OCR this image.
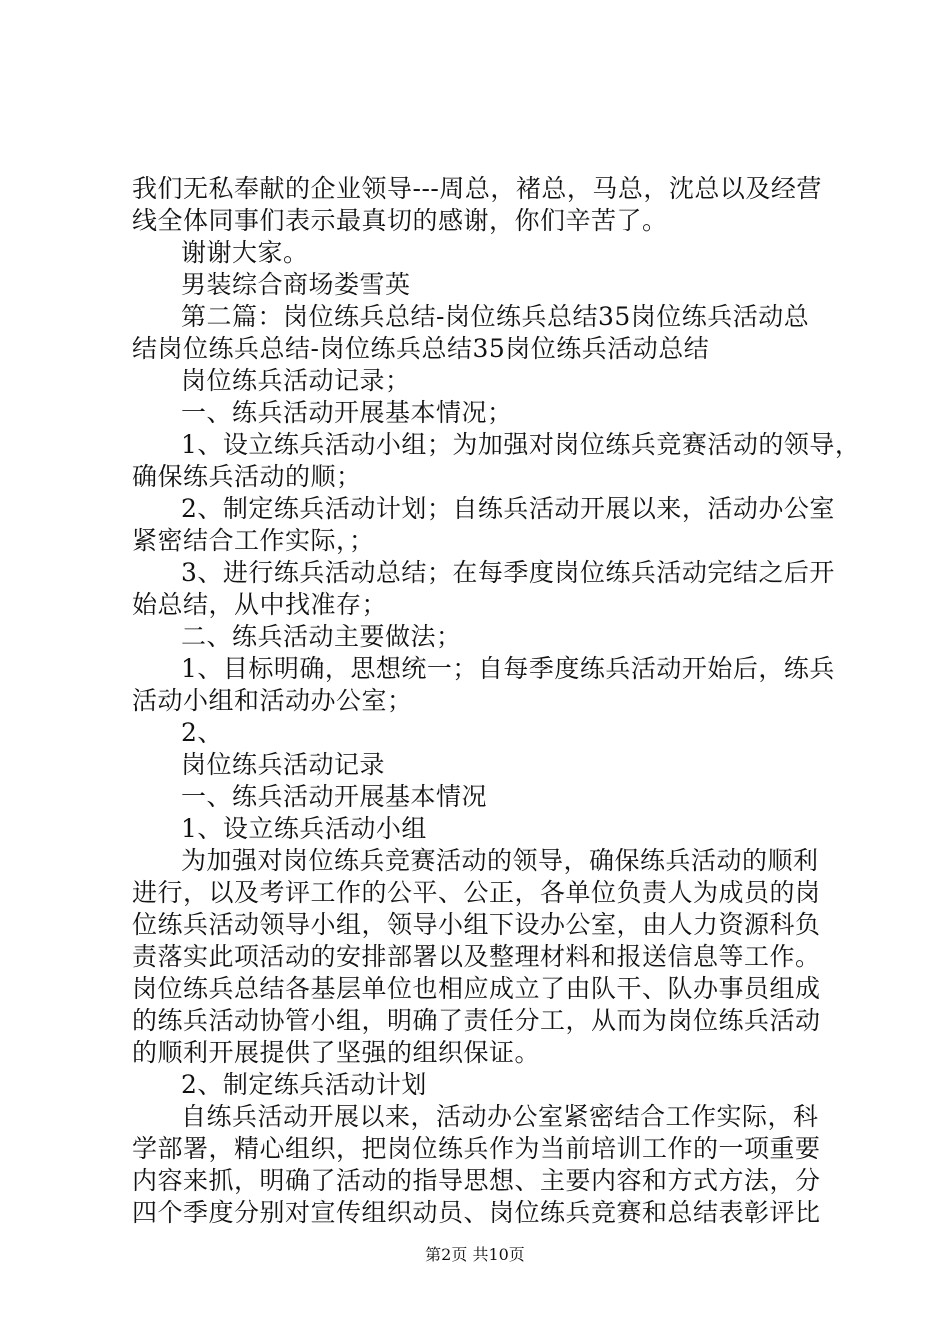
我们无私奉献的企业领导---周总，褚总，马总，沈总以及经营
线全体同事们表示最真切的感谢，你们辛苦了。
谢谢大家。
男装综合商场娄雪英
第二篇：岗位练兵总结-岗位练兵总结35岗位练兵活动总
结岗位练兵总结-岗位练兵总结35岗位练兵活动总结
岗位练兵活动记录；
一、练兵活动开展基本情况；
1、设立练兵活动小组；为加强对岗位练兵竞赛活动的领导，
确保练兵活动的顺；
2、制定练兵活动计划；自练兵活动开展以来，活动办公室
紧密结合工作实际，；
3、进行练兵活动总结；在每季度岗位练兵活动完结之后开
始总结，从中找准存；
二、练兵活动主要做法；
1、目标明确，思想统一；自每季度练兵活动开始后，练兵
活动小组和活动办公室；
2、
岗位练兵活动记录
一、练兵活动开展基本情况
1、设立练兵活动小组
为加强对岗位练兵竞赛活动的领导，确保练兵活动的顺利
进行，以及考评工作的公平、公正，各单位负责人为成员的岗
位练兵活动领导小组，领导小组下设办公室，由人力资源科负
责落实此项活动的安排部署以及整理材料和报送信息等工作。
岗位练兵总结各基层单位也相应成立了由队干、队办事员组成
的练兵活动协管小组，明确了责任分工，从而为岗位练兵活动
的顺利开展提供了坚强的组织保证。
2、制定练兵活动计划
自练兵活动开展以来，活动办公室紧密结合工作实际，科
学部署，精心组织，把岗位练兵作为当前培训工作的一项重要
内容来抓，明确了活动的指导思想、主要内容和方式方法，分
四个季度分别对宣传组织动员、岗位练兵竞赛和总结表彰评比
第2页 共10页
